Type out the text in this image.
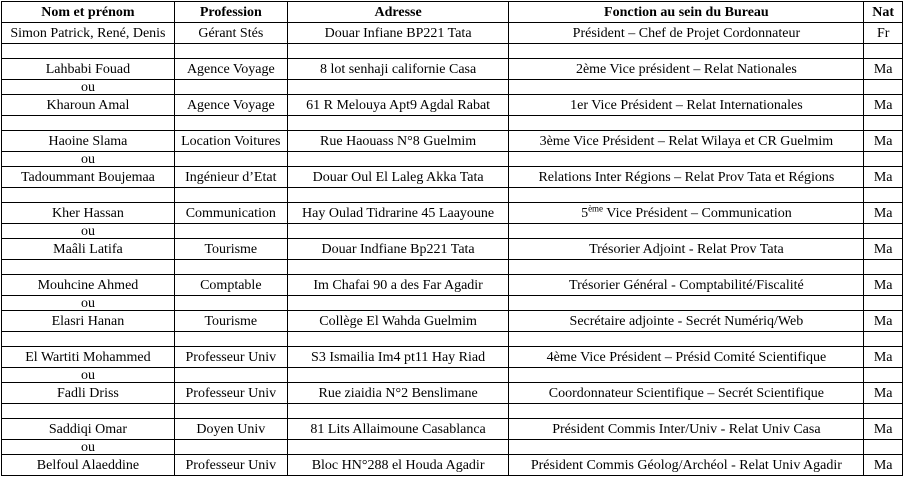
Nom et prénom	Profession	Adresse	Fonction au sein du Bureau	Nat
Simon Patrick, René, Denis	Gérant Stés	Douar Infiane BP221 Tata	Président – Chef de Projet Cordonnateur	Fr

Lahbabi Fouad	Agence Voyage	8 lot senhaji californie Casa	2ème Vice président – Relat Nationales	Ma
ou				
Kharoun Amal	Agence Voyage	61 R Melouya Apt9 Agdal Rabat	1er Vice Président – Relat Internationales	Ma

Haoine Slama	Location Voitures	Rue Haouass N°8 Guelmim	3ème Vice Président – Relat Wilaya et CR Guelmim	Ma
ou				
Tadoummant Boujemaa	Ingénieur d’Etat	Douar Oul El Laleg Akka Tata	Relations Inter Régions – Relat Prov Tata et Régions	Ma

Kher Hassan	Communication	Hay Oulad Tidrarine 45 Laayoune	5ème Vice Président – Communication	Ma
ou				
Maâli Latifa	Tourisme	Douar Indfiane Bp221 Tata	Trésorier Adjoint - Relat Prov Tata	Ma

Mouhcine Ahmed	Comptable	Im Chafai 90 a des Far Agadir	Trésorier Général - Comptabilité/Fiscalité	Ma
ou				
Elasri Hanan	Tourisme	Collège El Wahda Guelmim	Secrétaire adjointe - Secrét Numériq/Web	Ma

El Wartiti Mohammed	Professeur Univ	S3 Ismailia Im4 pt11 Hay Riad	4ème Vice Président – Présid Comité Scientifique	Ma
ou				
Fadli Driss	Professeur Univ	Rue ziaidia N°2 Benslimane	Coordonnateur Scientifique – Secrét Scientifique	Ma

Saddiqi Omar	Doyen Univ	81 Lits Allaimoune Casablanca	Président Commis Inter/Univ - Relat Univ Casa	Ma
ou				
Belfoul Alaeddine	Professeur Univ	Bloc HN°288 el Houda Agadir	Président Commis Géolog/Archéol - Relat Univ Agadir	Ma
